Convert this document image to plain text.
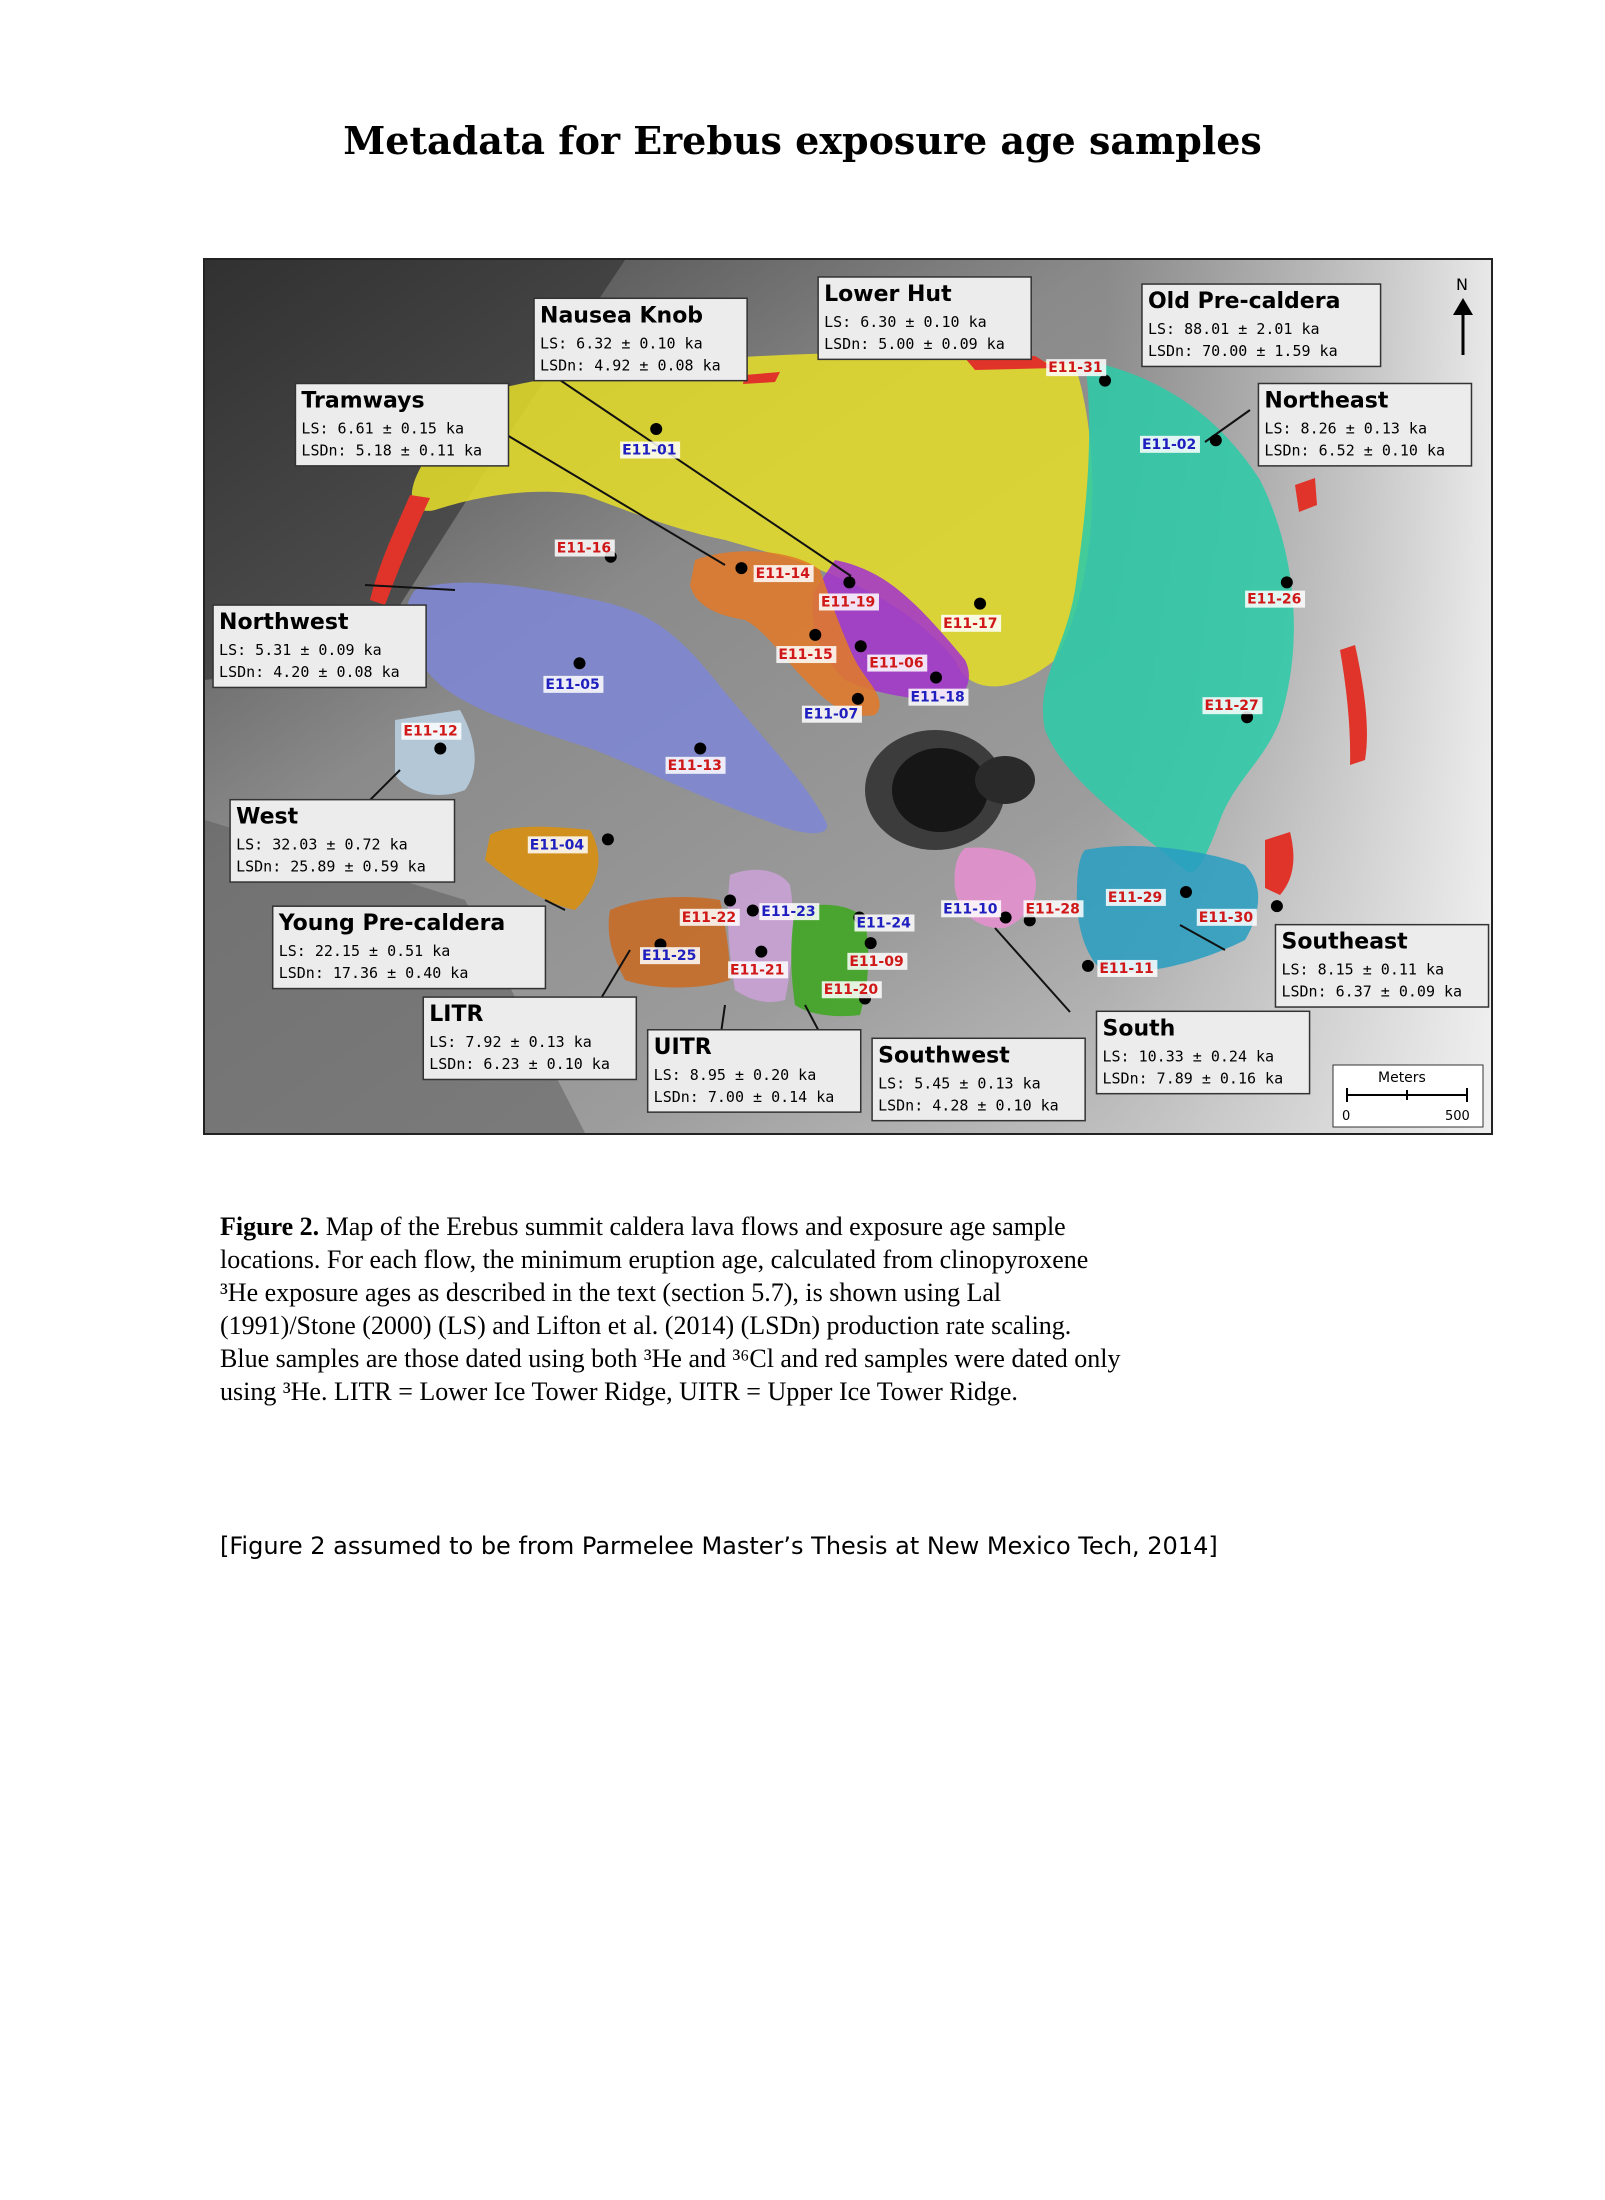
Metadata for Erebus exposure age samples
E11-01	E11-02
E11-31
E11-16
E11-14
E11-19
E11-17
E11-26
E11-15
E11-06
E11-18
E11-05
E11-07
E11-27
E11-12
E11-13
E11-04
E11-22 E11-23
E11-24
E11-10 E11-28
E11-29
E11-30
E11-25	E11-09
E11-21
E11-20
E11-11
Nausea Knob
LS: 6.32 ± 0.10 ka
LSDn: 4.92 ± 0.08 ka
Lower Hut
LS: 6.30 ± 0.10 ka
LSDn: 5.00 ± 0.09 ka
Old Pre-caldera
LS: 88.01 ± 2.01 ka
LSDn: 70.00 ± 1.59 ka
Tramways
LS: 6.61 ± 0.15 ka
LSDn: 5.18 ± 0.11 ka
Northeast
LS: 8.26 ± 0.13 ka
LSDn: 6.52 ± 0.10 ka
Northwest
LS: 5.31 ± 0.09 ka
LSDn: 4.20 ± 0.08 ka
West
LS: 32.03 ± 0.72 ka
LSDn: 25.89 ± 0.59 ka
Young Pre-caldera
LS: 22.15 ± 0.51 ka
LSDn: 17.36 ± 0.40 ka
Southeast
LS: 8.15 ± 0.11 ka
LSDn: 6.37 ± 0.09 ka
LITR
LS: 7.92 ± 0.13 ka
LSDn: 6.23 ± 0.10 ka
UITR
LS: 8.95 ± 0.20 ka
LSDn: 7.00 ± 0.14 ka
Southwest
LS: 5.45 ± 0.13 ka
LSDn: 4.28 ± 0.10 ka
South
LS: 10.33 ± 0.24 ka
LSDn: 7.89 ± 0.16 ka
N
Meters
0	500

Figure 2. Map of the Erebus summit caldera lava flows and exposure age sample
locations. For each flow, the minimum eruption age, calculated from clinopyroxene
³He exposure ages as described in the text (section 5.7), is shown using Lal
(1991)/Stone (2000) (LS) and Lifton et al. (2014) (LSDn) production rate scaling.
Blue samples are those dated using both ³He and ³⁶Cl and red samples were dated only
using ³He. LITR = Lower Ice Tower Ridge, UITR = Upper Ice Tower Ridge.

[Figure 2 assumed to be from Parmelee Master’s Thesis at New Mexico Tech, 2014]
